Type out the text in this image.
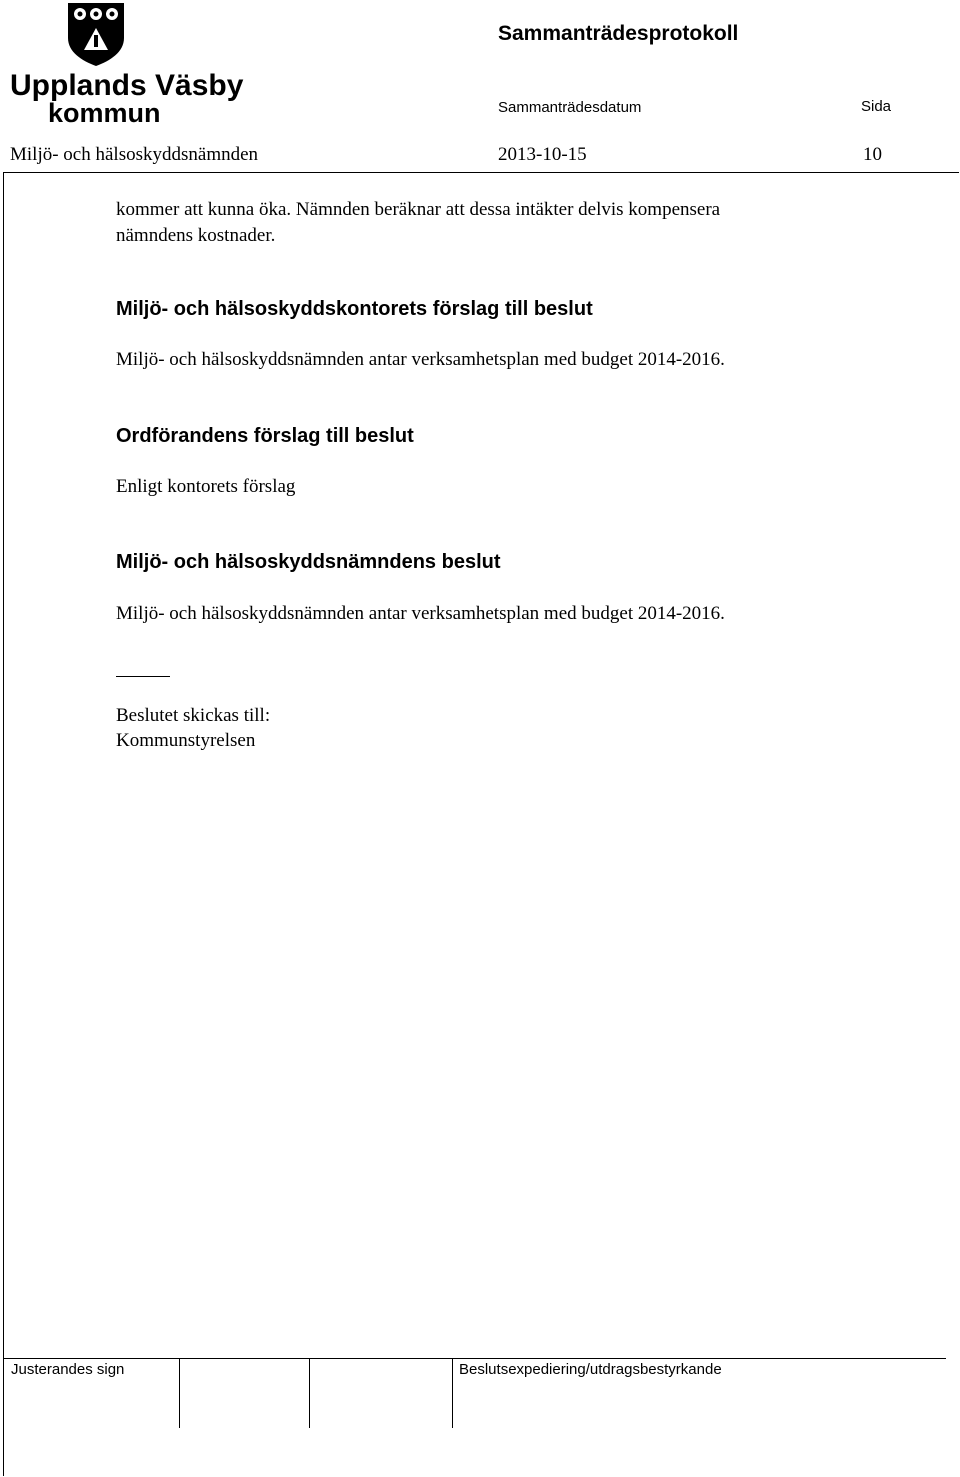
Upplands Väsby
kommun
Sammanträdesprotokoll
Sammanträdesdatum	Sida
Miljö- och hälsoskyddsnämnden	2013-10-15	10
kommer att kunna öka. Nämnden beräknar att dessa intäkter delvis kompensera
nämndens kostnader.
Miljö- och hälsoskyddskontorets förslag till beslut
Miljö- och hälsoskyddsnämnden antar verksamhetsplan med budget 2014-2016.
Ordförandens förslag till beslut
Enligt kontorets förslag
Miljö- och hälsoskyddsnämndens beslut
Miljö- och hälsoskyddsnämnden antar verksamhetsplan med budget 2014-2016.
Beslutet skickas till:
Kommunstyrelsen
Justerandes sign	Beslutsexpediering/utdragsbestyrkande
